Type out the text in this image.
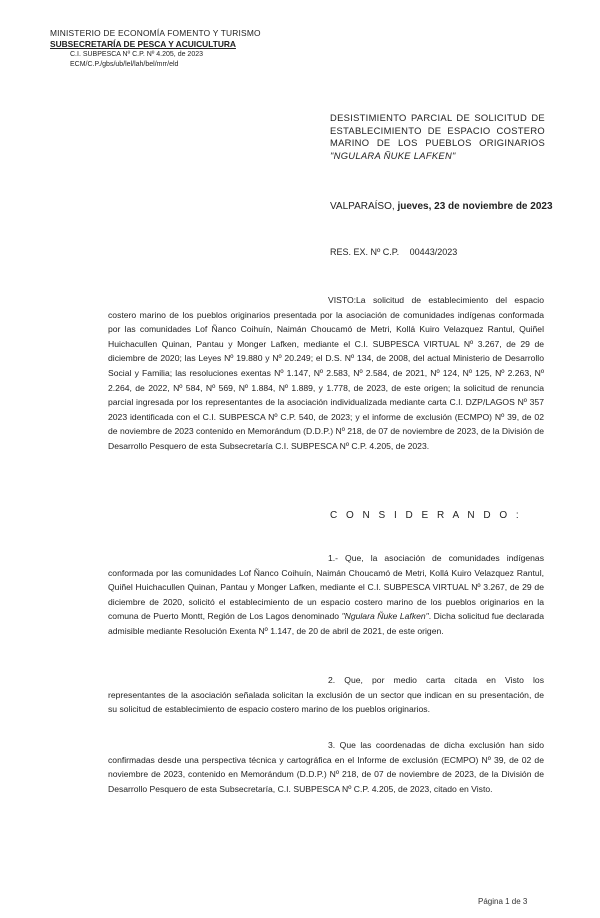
MINISTERIO DE ECONOMÍA FOMENTO Y TURISMO
SUBSECRETARÍA DE PESCA Y ACUICULTURA
C.I. SUBPESCA Nº C.P. Nº 4.205, de 2023
ECM/C.P./gbs/ub/lel/lah/bel/mrr/eld
DESISTIMIENTO PARCIAL DE SOLICITUD DE
ESTABLECIMIENTO DE ESPACIO COSTERO
MARINO DE LOS PUEBLOS ORIGINARIOS
"NGULARA ÑUKE LAFKEN"
VALPARAÍSO, jueves, 23 de noviembre de 2023
RES. EX. Nº C.P. 00443/2023

VISTO:La solicitud de establecimiento del espacio costero marino de los pueblos originarios presentada por la asociación de comunidades indígenas conformada por las comunidades Lof Ñanco Coihuín, Naimán Choucamó de Metri, Kollá Kuiro Velazquez Rantul, Quiñel Huichacullen Quinan, Pantau y Monger Lafken, mediante el C.I. SUBPESCA VIRTUAL Nº 3.267, de 29 de diciembre de 2020; las Leyes Nº 19.880 y Nº 20.249; el D.S. Nº 134, de 2008, del actual Ministerio de Desarrollo Social y Familia; las resoluciones exentas Nº 1.147, Nº 2.583, Nº 2.584, de 2021, Nº 124, Nº 125, Nº 2.263, Nº 2.264, de 2022, Nº 584, Nº 569, Nº 1.884, Nº 1.889, y 1.778, de 2023, de este origen; la solicitud de renuncia parcial ingresada por los representantes de la asociación individualizada mediante carta C.I. DZP/LAGOS Nº 357 2023 identificada con el C.I. SUBPESCA Nº C.P. 540, de 2023; y el informe de exclusión (ECMPO) Nº 39, de 02 de noviembre de 2023 contenido en Memorándum (D.D.P.) Nº 218, de 07 de noviembre de 2023, de la División de Desarrollo Pesquero de esta Subsecretaría C.I. SUBPESCA Nº C.P. 4.205, de 2023.

C O N S I D E R A N D O :

1.- Que, la asociación de comunidades indígenas conformada por las comunidades Lof Ñanco Coihuín, Naimán Choucamó de Metri, Kollá Kuiro Velazquez Rantul, Quiñel Huichacullen Quinan, Pantau y Monger Lafken, mediante el C.I. SUBPESCA VIRTUAL Nº 3.267, de 29 de diciembre de 2020, solicitó el establecimiento de un espacio costero marino de los pueblos originarios en la comuna de Puerto Montt, Región de Los Lagos denominado "Ngulara Ñuke Lafken". Dicha solicitud fue declarada admisible mediante Resolución Exenta Nº 1.147, de 20 de abril de 2021, de este origen.

2. Que, por medio carta citada en Visto los representantes de la asociación señalada solicitan la exclusión de un sector que indican en su presentación, de su solicitud de establecimiento de espacio costero marino de los pueblos originarios.

3. Que las coordenadas de dicha exclusión han sido confirmadas desde una perspectiva técnica y cartográfica en el Informe de exclusión (ECMPO) Nº 39, de 02 de noviembre de 2023, contenido en Memorándum (D.D.P.) Nº 218, de 07 de noviembre de 2023, de la División de Desarrollo Pesquero de esta Subsecretaría, C.I. SUBPESCA Nº C.P. 4.205, de 2023, citado en Visto.

Página 1 de 3
